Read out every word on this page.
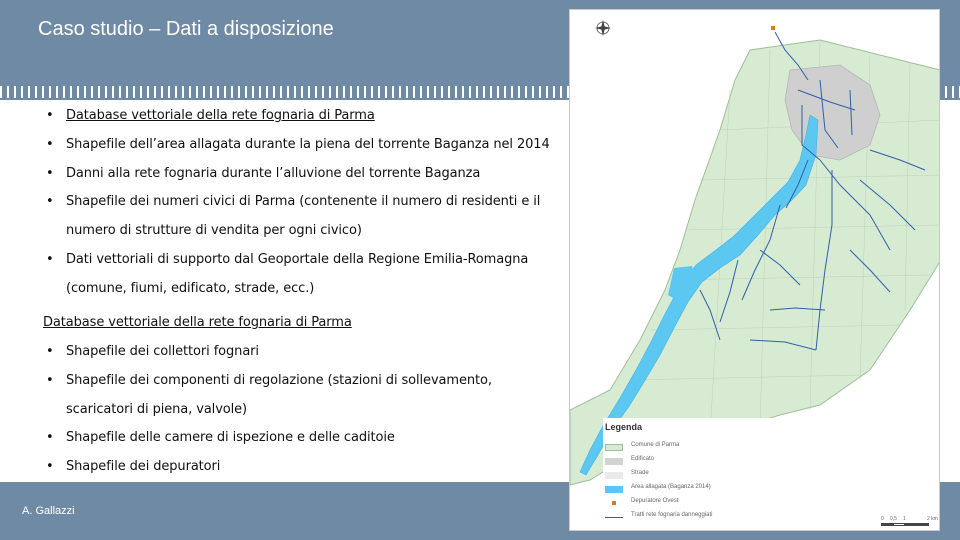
Caso studio – Dati a disposizione
• Database vettoriale della rete fognaria di Parma
• Shapefile dell’area allagata durante la piena del torrente Baganza nel 2014
• Danni alla rete fognaria durante l’alluvione del torrente Baganza
• Shapefile dei numeri civici di Parma (contenente il numero di residenti e il
numero di strutture di vendita per ogni civico)
• Dati vettoriali di supporto dal Geoportale della Regione Emilia-Romagna
(comune, fiumi, edificato, strade, ecc.)
Database vettoriale della rete fognaria di Parma
• Shapefile dei collettori fognari
• Shapefile dei componenti di regolazione (stazioni di sollevamento,
scaricatori di piena, valvole)
• Shapefile delle camere di ispezione e delle caditoie
• Shapefile dei depuratori
A. Gallazzi
Legenda
Comune di Parma
Edificato
Strade
Area allagata (Baganza 2014)
Depuratore Ovest
Tratti rete fognaria danneggiati
0 0,5 1	2 km
